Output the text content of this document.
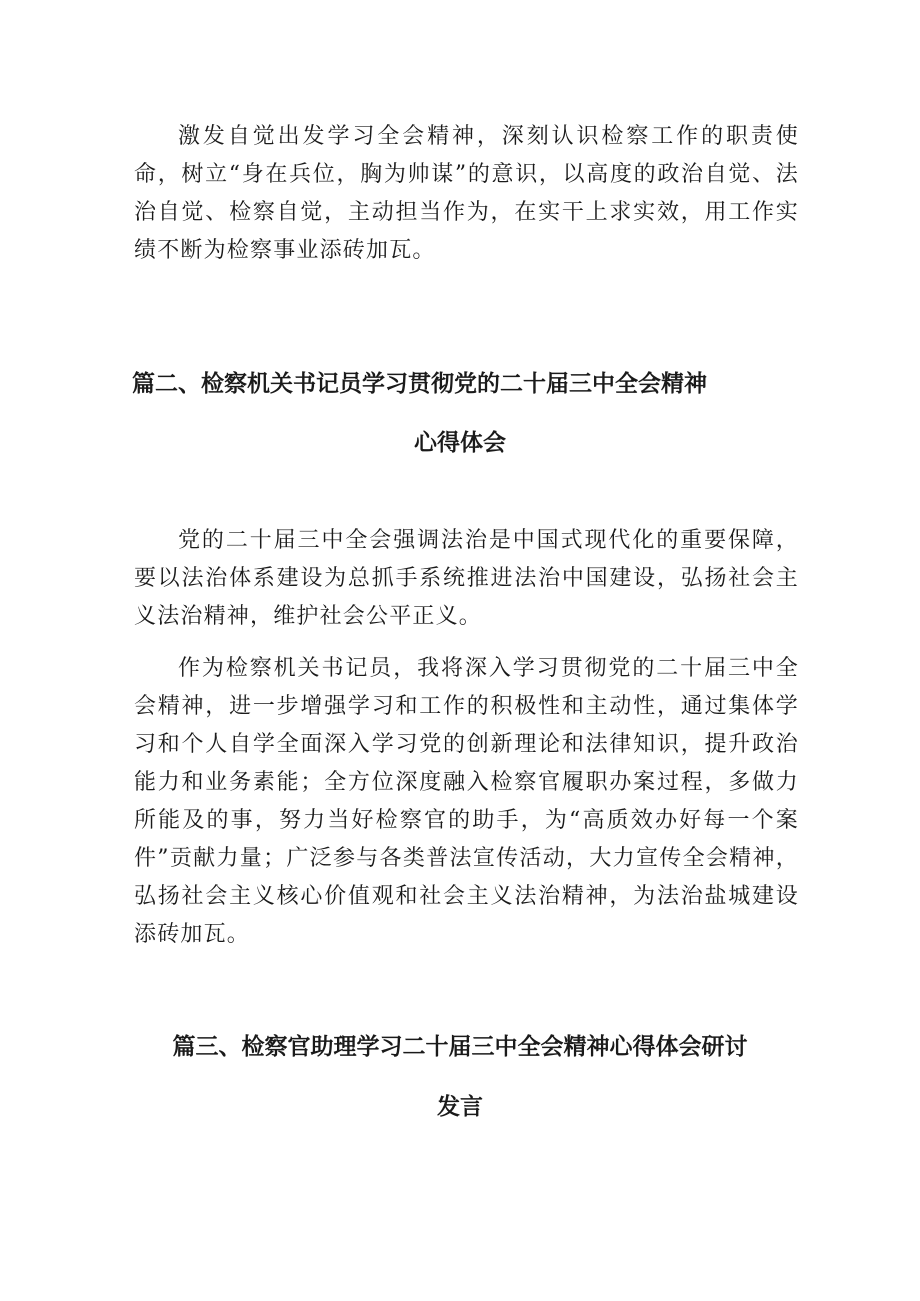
激发自觉出发学习全会精神，深刻认识检察工作的职责使命，树立“身在兵位，胸为帅谋”的意识，以高度的政治自觉、法治自觉、检察自觉，主动担当作为，在实干上求实效，用工作实绩不断为检察事业添砖加瓦。

篇二、检察机关书记员学习贯彻党的二十届三中全会精神
心得体会

党的二十届三中全会强调法治是中国式现代化的重要保障，要以法治体系建设为总抓手系统推进法治中国建设，弘扬社会主义法治精神，维护社会公平正义。

作为检察机关书记员，我将深入学习贯彻党的二十届三中全会精神，进一步增强学习和工作的积极性和主动性，通过集体学习和个人自学全面深入学习党的创新理论和法律知识，提升政治能力和业务素能；全方位深度融入检察官履职办案过程，多做力所能及的事，努力当好检察官的助手，为“高质效办好每一个案件”贡献力量；广泛参与各类普法宣传活动，大力宣传全会精神，弘扬社会主义核心价值观和社会主义法治精神，为法治盐城建设添砖加瓦。

篇三、检察官助理学习二十届三中全会精神心得体会研讨
发言
